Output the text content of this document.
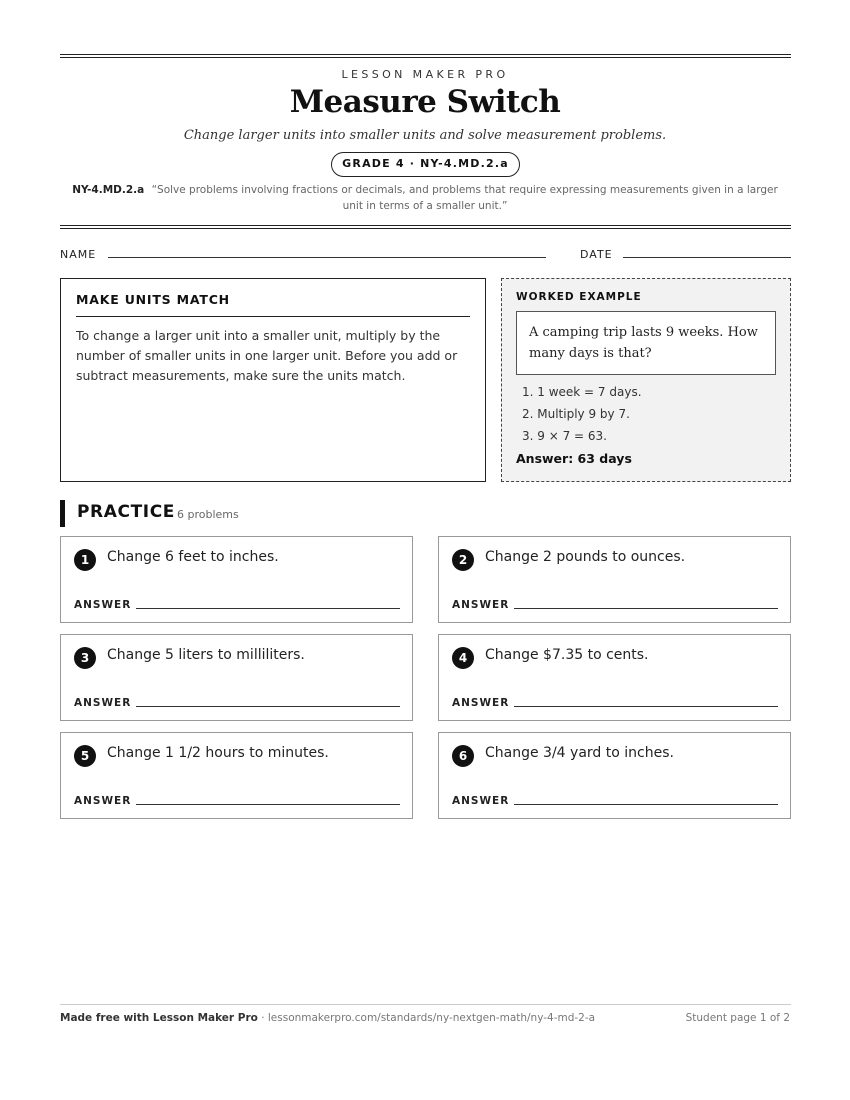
LESSON MAKER PRO
Measure Switch
Change larger units into smaller units and solve measurement problems.
GRADE 4 · NY-4.MD.2.a
NY-4.MD.2.a “Solve problems involving fractions or decimals, and problems that require expressing measurements given in a larger unit in terms of a smaller unit.”
NAME	DATE
MAKE UNITS MATCH

To change a larger unit into a smaller unit, multiply by the number of smaller units in one larger unit. Before you add or subtract measurements, make sure the units match.

WORKED EXAMPLE
A camping trip lasts 9 weeks. How many days is that?
1. 1 week = 7 days.
2. Multiply 9 by 7.
3. 9 × 7 = 63.
Answer: 63 days
PRACTICE 6 problems
1	Change 6 feet to inches.
ANSWER
2	Change 2 pounds to ounces.
ANSWER
3	Change 5 liters to milliliters.
ANSWER
4	Change $7.35 to cents.
ANSWER
5	Change 1 1/2 hours to minutes.
ANSWER
6	Change 3/4 yard to inches.
ANSWER
Made free with Lesson Maker Pro · lessonmakerpro.com/standards/ny-nextgen-math/ny-4-md-2-a	Student page 1 of 2
